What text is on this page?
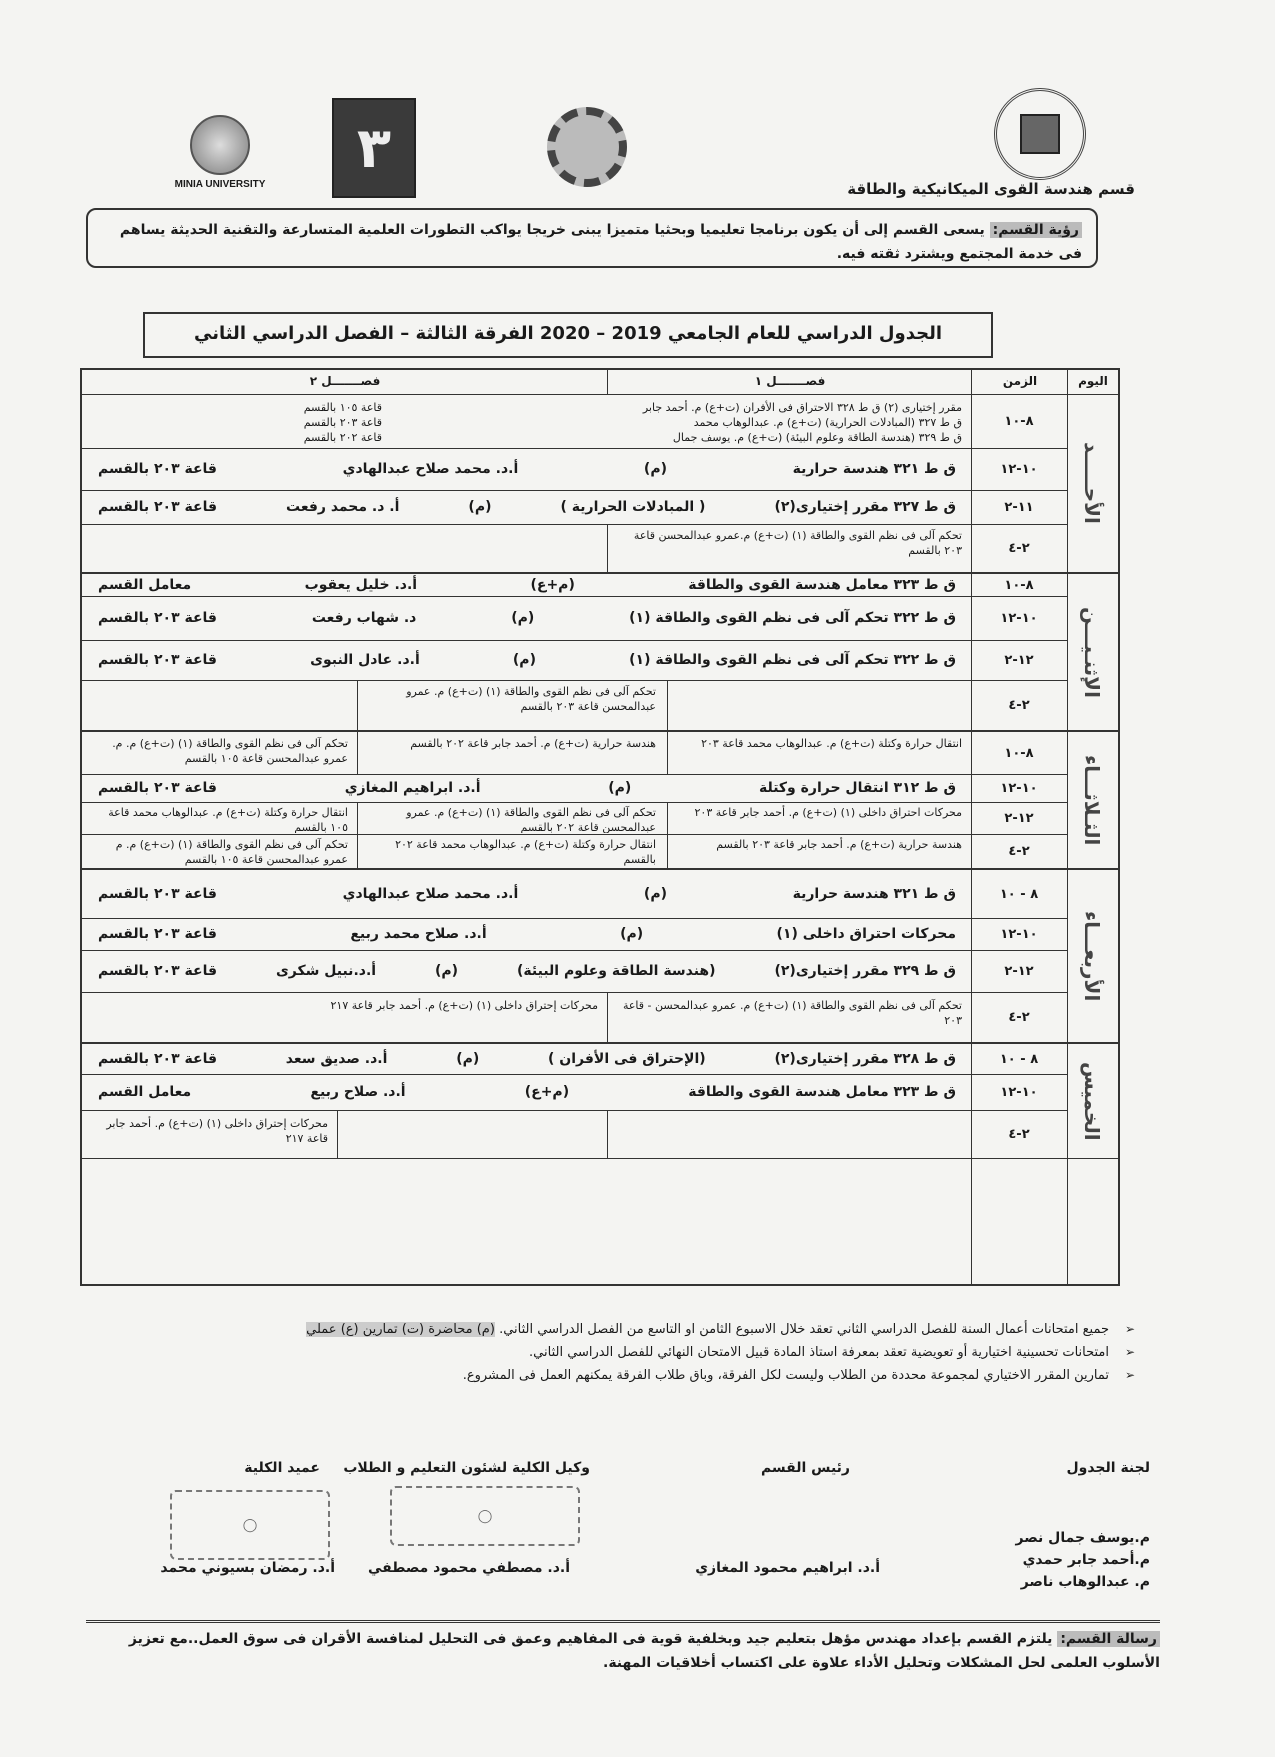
MINIA UNIVERSITY
٣
قسم هندسة القوى الميكانيكية والطاقة
رؤية القسم: يسعى القسم إلى أن يكون برنامجا تعليميا وبحثيا متميزا يبنى خريجا يواكب التطورات العلمية المتسارعة والتقنية الحديثة يساهم فى خدمة المجتمع ويشترد ثقته فيه.
الجدول الدراسي للعام الجامعي 2019 – 2020 الفرقة الثالثة – الفصل الدراسي الثاني
اليوم
الزمن
فصـــــــل ١
فصـــــــل ٢
الأحـــــد
٨-١٠
مقرر إختيارى (٢) ق ط ٣٢٨ الاحتراق فى الأفران (ت+ع) م. أحمد جابر
ق ط ٣٢٧ (المبادلات الحرارية) (ت+ع) م. عبدالوهاب محمد
ق ط ٣٢٩ (هندسة الطاقة وعلوم البيئة) (ت+ع) م. يوسف جمال
قاعة ١٠٥ بالقسم
قاعة ٢٠٣ بالقسم
قاعة ٢٠٢ بالقسم
١٠-١٢
ق ط ٣٢١ هندسة حرارية
(م)
أ.د. محمد صلاح عبدالهادي
قاعة ٢٠٣ بالقسم
١١-٢
ق ط ٣٢٧ مقرر إختيارى(٢)
( المبادلات الحرارية )
(م)
أ. د. محمد رفعت
قاعة ٢٠٣ بالقسم
٢-٤
تحكم آلى فى نظم القوى والطاقة (١) (ت+ع) م.عمرو عبدالمحسن قاعة ٢٠٣ بالقسم
الإثنـيـــن
٨-١٠
ق ط ٣٢٣ معامل هندسة القوى والطاقة
(م+ع)
أ.د. خليل يعقوب
معامل القسم
١٠-١٢
ق ط ٣٢٢ تحكم آلى فى نظم القوى والطاقة (١)
(م)
د. شهاب رفعت
قاعة ٢٠٣ بالقسم
١٢-٢
ق ط ٣٢٢ تحكم آلى فى نظم القوى والطاقة (١)
(م)
أ.د. عادل النبوى
قاعة ٢٠٣ بالقسم
٢-٤
تحكم آلى فى نظم القوى والطاقة (١) (ت+ع) م. عمرو عبدالمحسن قاعة ٢٠٣ بالقسم
الثـلاثـــاء
٨-١٠
انتقال حرارة وكتلة (ت+ع) م. عبدالوهاب محمد قاعة ٢٠٣
هندسة حرارية (ت+ع) م. أحمد جابر قاعة ٢٠٢ بالقسم
تحكم آلى فى نظم القوى والطاقة (١) (ت+ع) م. م. عمرو عبدالمحسن قاعة ١٠٥ بالقسم
١٠-١٢
ق ط ٣١٢ انتقال حرارة وكتلة
(م)
أ.د. ابراهيم المغازي
قاعة ٢٠٣ بالقسم
١٢-٢
محركات احتراق داخلى (١) (ت+ع) م. أحمد جابر قاعة ٢٠٣
تحكم آلى فى نظم القوى والطاقة (١) (ت+ع) م. عمرو عبدالمحسن قاعة ٢٠٢ بالقسم
انتقال حرارة وكتلة (ت+ع) م. عبدالوهاب محمد قاعة ١٠٥ بالقسم
٢-٤
هندسة حرارية (ت+ع) م. أحمد جابر قاعة ٢٠٣ بالقسم
انتقال حرارة وكتلة (ت+ع) م. عبدالوهاب محمد قاعة ٢٠٢ بالقسم
تحكم آلى فى نظم القوى والطاقة (١) (ت+ع) م. م عمرو عبدالمحسن قاعة ١٠٥ بالقسم
الأربعـــاء
٨ - ١٠
ق ط ٣٢١ هندسة حرارية
(م)
أ.د. محمد صلاح عبدالهادي
قاعة ٢٠٣ بالقسم
١٠-١٢
محركات احتراق داخلى (١)
(م)
أ.د. صلاح محمد ربيع
قاعة ٢٠٣ بالقسم
١٢-٢
ق ط ٣٢٩ مقرر إختيارى(٢)
(هندسة الطاقة وعلوم البيئة)
(م)
أ.د.نبيل شكرى
قاعة ٢٠٣ بالقسم
٢-٤
تحكم آلى فى نظم القوى والطاقة (١) (ت+ع) م. عمرو عبدالمحسن - قاعة ٢٠٣
محركات إحتراق داخلى (١) (ت+ع) م. أحمد جابر قاعة ٢١٧
الخميس
٨ - ١٠
ق ط ٣٢٨ مقرر إختيارى(٢)
(الإحتراق فى الأفران )
(م)
أ.د. صديق سعد
قاعة ٢٠٣ بالقسم
١٠-١٢
ق ط ٣٢٣ معامل هندسة القوى والطاقة
(م+ع)
أ.د. صلاح ربيع
معامل القسم
٢-٤
محركات إحتراق داخلى (١) (ت+ع) م. أحمد جابر قاعة ٢١٧
➢ جميع امتحانات أعمال السنة للفصل الدراسي الثاني تعقد خلال الاسبوع الثامن او التاسع من الفصل الدراسي الثاني. (م) محاضرة (ت) تمارين (ع) عملي
➢ امتحانات تحسينية اختيارية أو تعويضية تعقد بمعرفة استاذ المادة قبيل الامتحان النهائي للفصل الدراسي الثاني.
➢ تمارين المقرر الاختياري لمجموعة محددة من الطلاب وليست لكل الفرقة، وباق طلاب الفرقة يمكنهم العمل فى المشروع.
لجنة الجدول
م.يوسف جمال نصر
م.أحمد جابر حمدي
م. عبدالوهاب ناصر
رئيس القسم
أ.د. ابراهيم محمود المغازي
وكيل الكلية لشئون التعليم و الطلاب
◯
أ.د. مصطفي محمود مصطفي
عميد الكلية
◯
أ.د. رمضان بسيوني محمد
رسالة القسم: يلتزم القسم بإعداد مهندس مؤهل بتعليم جيد وبخلفية قوية فى المفاهيم وعمق فى التحليل لمنافسة الأقران فى سوق العمل..مع تعزيز الأسلوب العلمى لحل المشكلات وتحليل الأداء علاوة على اكتساب أخلاقيات المهنة.
